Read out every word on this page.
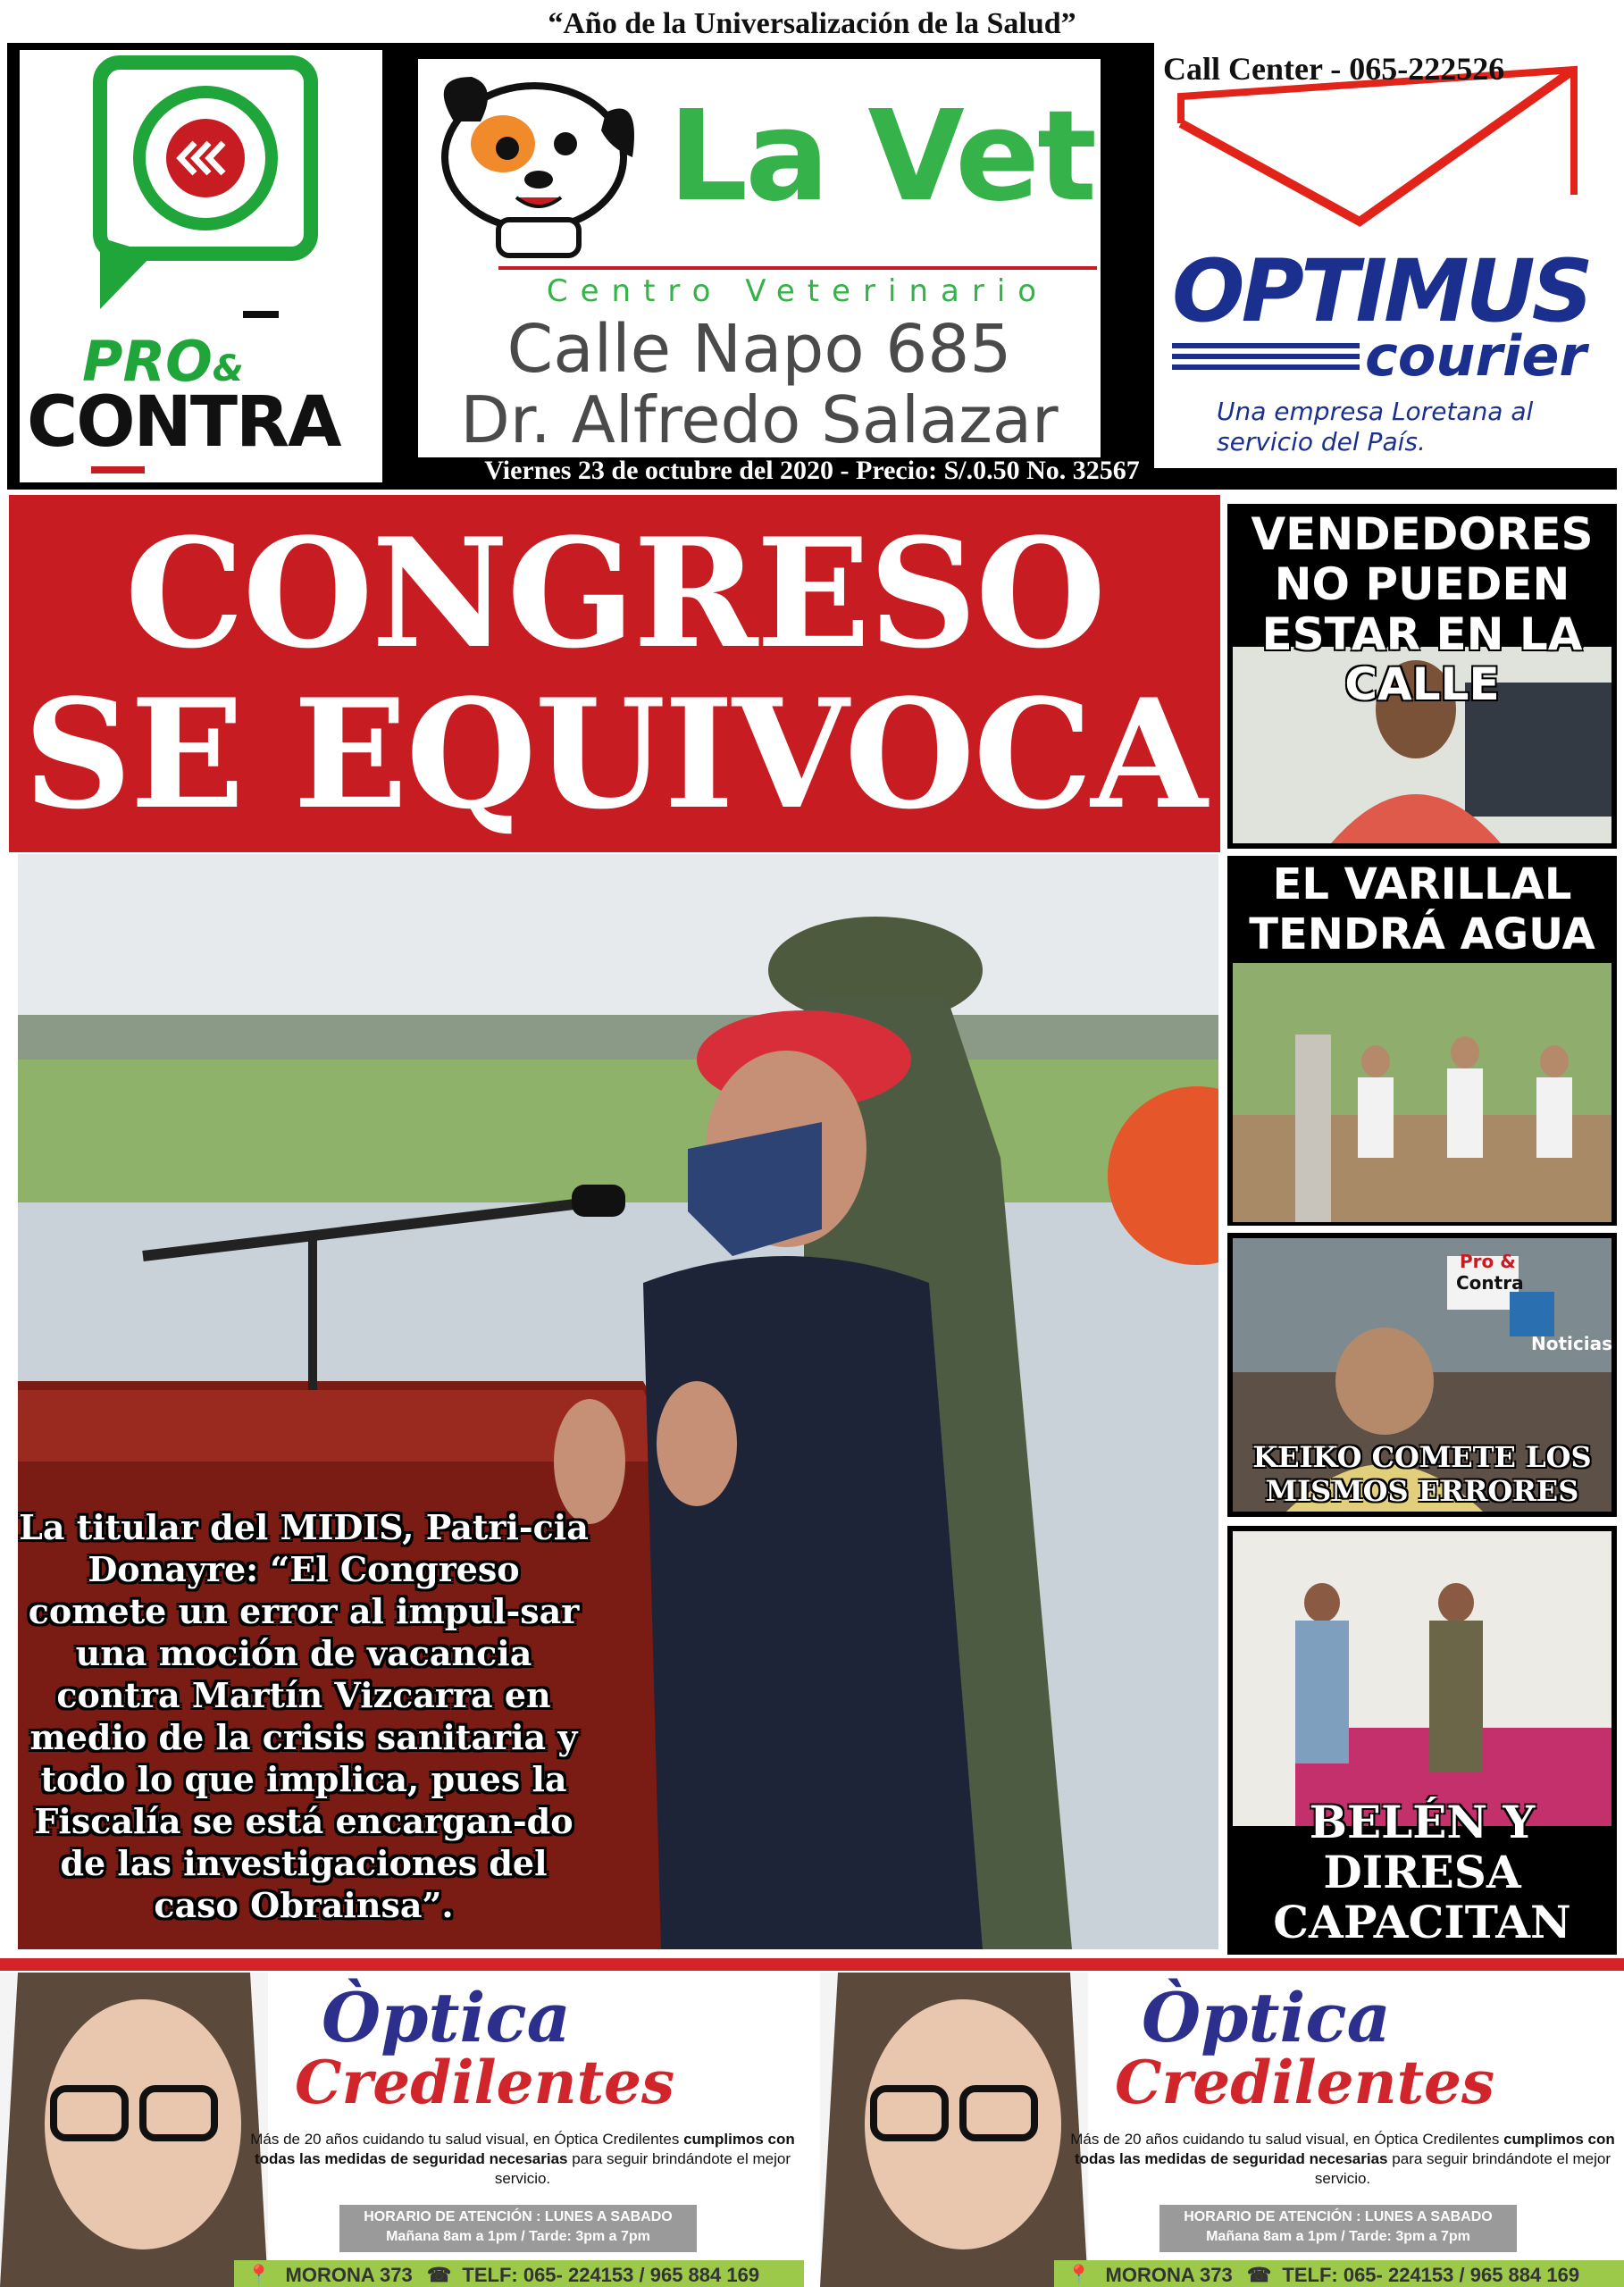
“Año de la Universalización de la Salud”
PRO&
CONTRA
La Vet
Centro Veterinario
Calle Napo 685
Dr. Alfredo Salazar
Call Center - 065-222526
OPTIMUS
courier
Una empresa Loretana al
servicio del País.
Viernes 23 de octubre del 2020 - Precio: S/.0.50 No. 32567
CONGRESO
SE EQUIVOCA
La titular del MIDIS, Patri-cia Donayre: “El Congreso comete un error al impul-sar una moción de vacancia contra Martín Vizcarra en medio de la crisis sanitaria y todo lo que implica, pues la Fiscalía se está encargan-do de las investigaciones del caso Obrainsa”.
VENDEDORES NO PUEDEN ESTAR EN LA CALLE
EL VARILLAL TENDRÁ AGUA
Pro &
Contra
Noticias
KEIKO COMETE LOS MISMOS ERRORES
BELÉN Y DIRESA CAPACITAN
Òptica
Credilentes
Más de 20 años cuidando tu salud visual, en Óptica Credilentes cumplimos con todas las medidas de seguridad necesarias para seguir brindándote el mejor servicio.
HORARIO DE ATENCIÓN : LUNES A SABADO
Mañana 8am a 1pm / Tarde: 3pm a 7pm
📍 MORONA 373 ☎ TELF: 065- 224153 / 965 884 169
Òptica
Credilentes
Más de 20 años cuidando tu salud visual, en Óptica Credilentes cumplimos con todas las medidas de seguridad necesarias para seguir brindándote el mejor servicio.
HORARIO DE ATENCIÓN : LUNES A SABADO
Mañana 8am a 1pm / Tarde: 3pm a 7pm
📍 MORONA 373 ☎ TELF: 065- 224153 / 965 884 169
